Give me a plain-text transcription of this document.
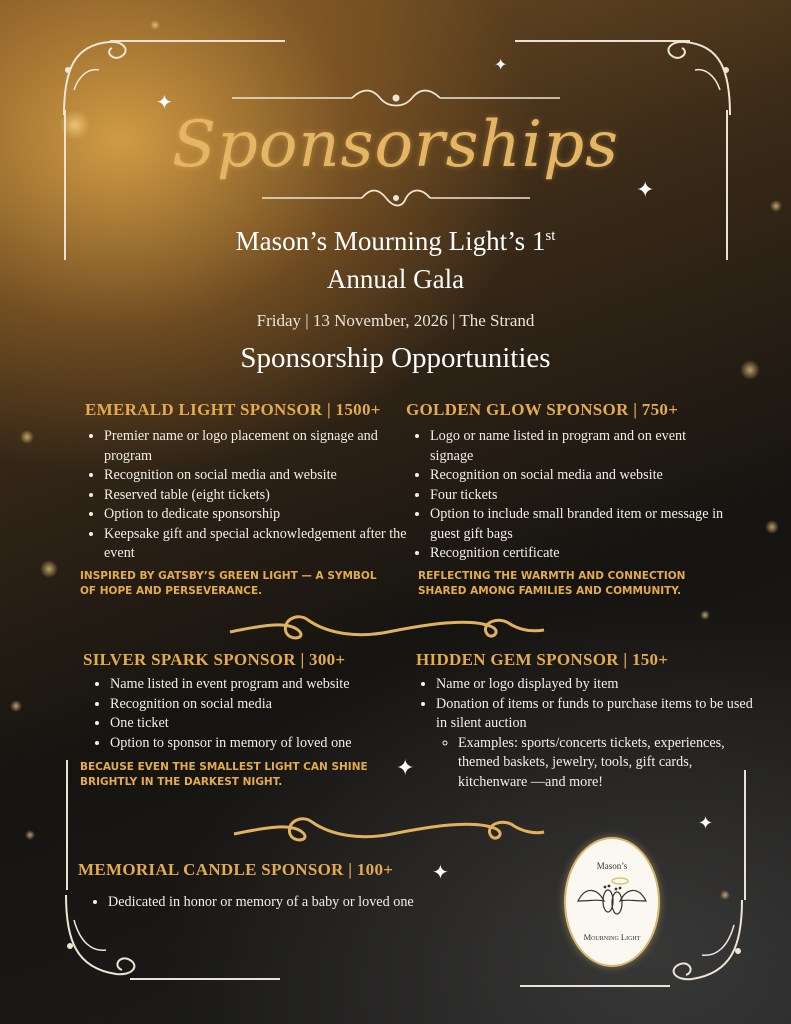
✦
✦
✦
✦
✦
✦
Sponsorships
Mason’s Mourning Light’s 1st
Annual Gala
Friday | 13 November, 2026 | The Strand
Sponsorship Opportunities
EMERALD LIGHT SPONSOR | 1500+
• Premier name or logo placement on signage and program
• Recognition on social media and website
• Reserved table (eight tickets)
• Option to dedicate sponsorship
• Keepsake gift and special acknowledgement after the event
INSPIRED BY GATSBY’S GREEN LIGHT — A SYMBOL OF HOPE AND PERSEVERANCE.
GOLDEN GLOW SPONSOR | 750+
• Logo or name listed in program and on event signage
• Recognition on social media and website
• Four tickets
• Option to include small branded item or message in guest gift bags
• Recognition certificate
REFLECTING THE WARMTH AND CONNECTION SHARED AMONG FAMILIES AND COMMUNITY.
SILVER SPARK SPONSOR | 300+
• Name listed in event program and website
• Recognition on social media
• One ticket
• Option to sponsor in memory of loved one
BECAUSE EVEN THE SMALLEST LIGHT CAN SHINE BRIGHTLY IN THE DARKEST NIGHT.
HIDDEN GEM SPONSOR | 150+
• Name or logo displayed by item
• Donation of items or funds to purchase items to be used in silent auction
◦ Examples: sports/concerts tickets, experiences, themed baskets, jewelry, tools, gift cards, kitchenware —and more!
MEMORIAL CANDLE SPONSOR | 100+
• Dedicated in honor or memory of a baby or loved one
Mason’s
Mourning Light
